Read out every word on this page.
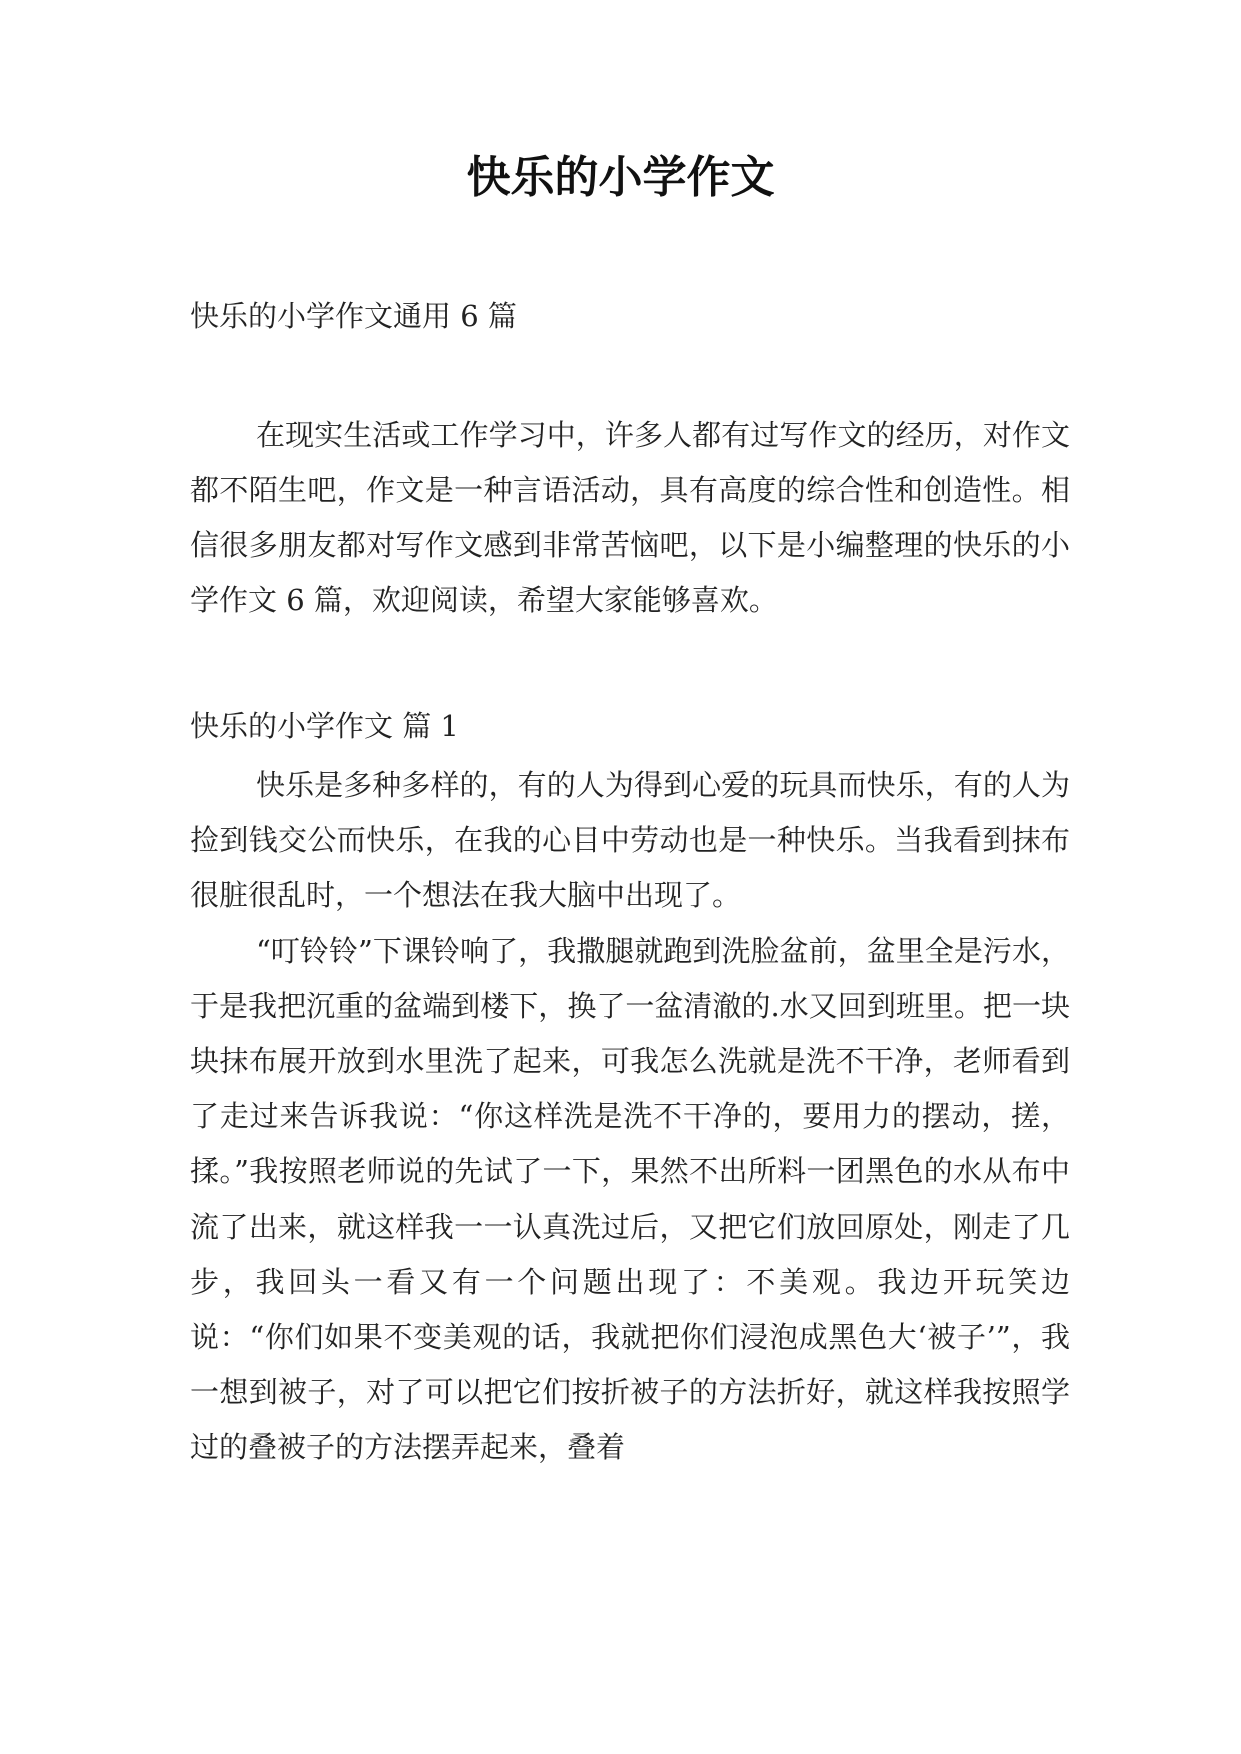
快乐的小学作文

快乐的小学作文通用 6 篇

在现实生活或工作学习中，许多人都有过写作文的经历，对作文都不陌生吧，作文是一种言语活动，具有高度的综合性和创造性。相信很多朋友都对写作文感到非常苦恼吧，以下是小编整理的快乐的小学作文 6 篇，欢迎阅读，希望大家能够喜欢。

快乐的小学作文 篇 1

快乐是多种多样的，有的人为得到心爱的玩具而快乐，有的人为捡到钱交公而快乐，在我的心目中劳动也是一种快乐。当我看到抹布很脏很乱时，一个想法在我大脑中出现了。

“叮铃铃”下课铃响了，我撒腿就跑到洗脸盆前，盆里全是污水，于是我把沉重的盆端到楼下，换了一盆清澈的.水又回到班里。把一块块抹布展开放到水里洗了起来，可我怎么洗就是洗不干净，老师看到了走过来告诉我说：“你这样洗是洗不干净的，要用力的摆动，搓，揉。”我按照老师说的先试了一下，果然不出所料一团黑色的水从布中流了出来，就这样我一一认真洗过后，又把它们放回原处，刚走了几步，我回头一看又有一个问题出现了：不美观。我边开玩笑边说：“你们如果不变美观的话，我就把你们浸泡成黑色大‘被子’”，我一想到被子，对了可以把它们按折被子的方法折好，就这样我按照学过的叠被子的方法摆弄起来，叠着
